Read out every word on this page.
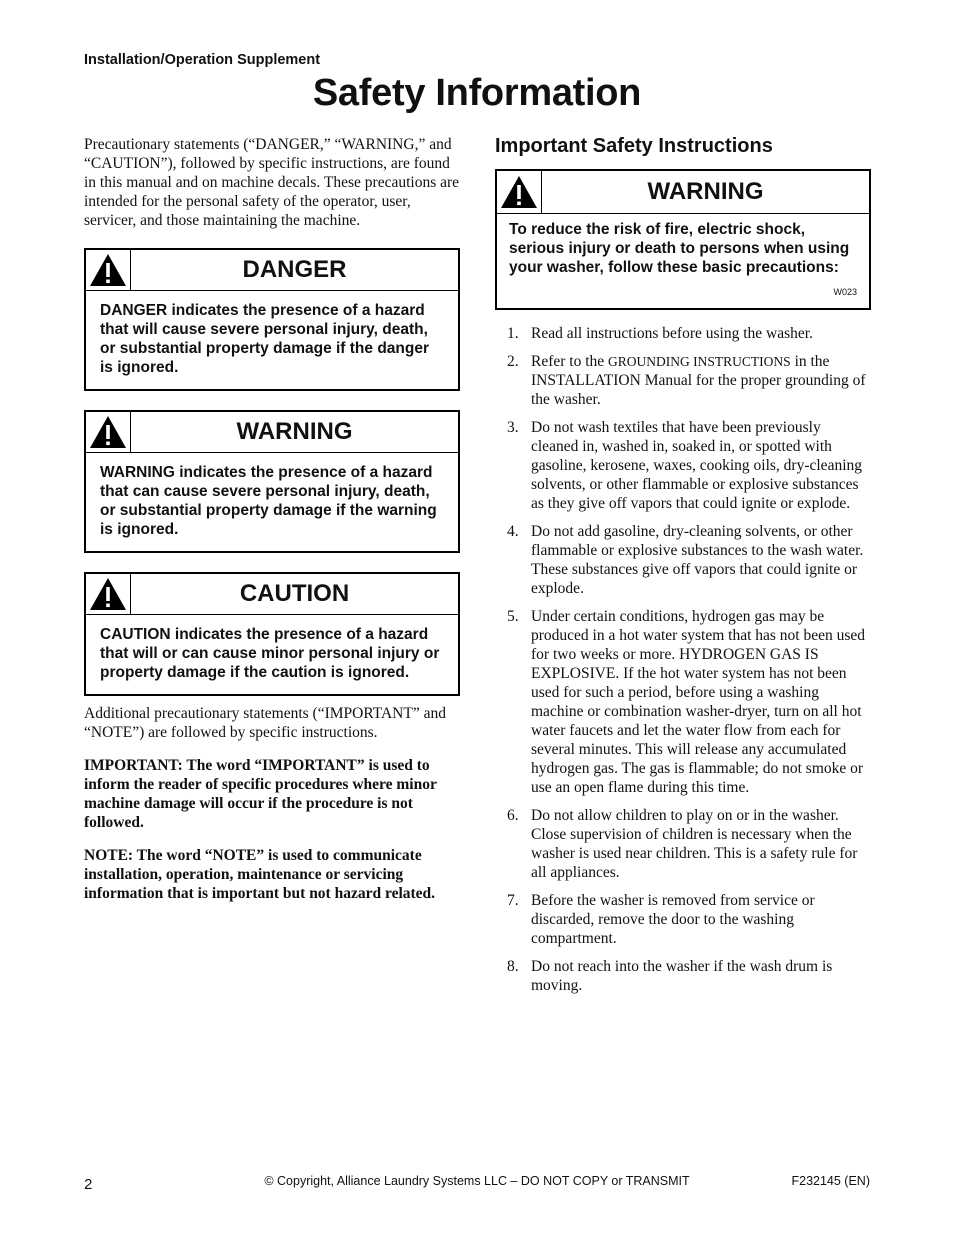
Installation/Operation Supplement
Safety Information

Precautionary statements (“DANGER,” “WARNING,” and “CAUTION”), followed by specific instructions, are found in this manual and on machine decals. These precautions are intended for the personal safety of the operator, user, servicer, and those maintaining the machine.

DANGER
DANGER indicates the presence of a hazard that will cause severe personal injury, death, or substantial property damage if the danger is ignored.
WARNING
WARNING indicates the presence of a hazard that can cause severe personal injury, death, or substantial property damage if the warning is ignored.
CAUTION
CAUTION indicates the presence of a hazard that will or can cause minor personal injury or property damage if the caution is ignored.

Additional precautionary statements (“IMPORTANT” and “NOTE”) are followed by specific instructions.

IMPORTANT: The word “IMPORTANT” is used to inform the reader of specific procedures where minor machine damage will occur if the procedure is not followed.

NOTE: The word “NOTE” is used to communicate installation, operation, maintenance or servicing information that is important but not hazard related.

Important Safety Instructions
WARNING
To reduce the risk of fire, electric shock, serious injury or death to persons when using your washer, follow these basic precautions:
W023
1. Read all instructions before using the washer.
2. Refer to the GROUNDING INSTRUCTIONS in the INSTALLATION Manual for the proper grounding of the washer.
3. Do not wash textiles that have been previously cleaned in, washed in, soaked in, or spotted with gasoline, kerosene, waxes, cooking oils, dry-cleaning solvents, or other flammable or explosive substances as they give off vapors that could ignite or explode.
4. Do not add gasoline, dry-cleaning solvents, or other flammable or explosive substances to the wash water. These substances give off vapors that could ignite or explode.
5. Under certain conditions, hydrogen gas may be produced in a hot water system that has not been used for two weeks or more. HYDROGEN GAS IS EXPLOSIVE. If the hot water system has not been used for such a period, before using a washing machine or combination washer-dryer, turn on all hot water faucets and let the water flow from each for several minutes. This will release any accumulated hydrogen gas. The gas is flammable; do not smoke or use an open flame during this time.
6. Do not allow children to play on or in the washer. Close supervision of children is necessary when the washer is used near children. This is a safety rule for all appliances.
7. Before the washer is removed from service or discarded, remove the door to the washing compartment.
8. Do not reach into the washer if the wash drum is moving.
2	© Copyright, Alliance Laundry Systems LLC – DO NOT COPY or TRANSMIT	F232145 (EN)
